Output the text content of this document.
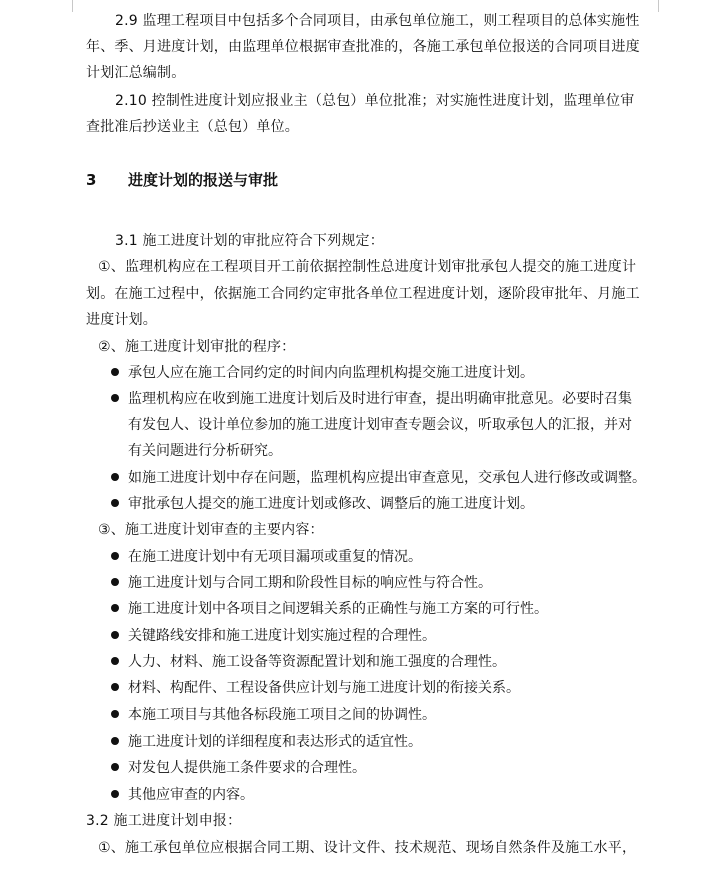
2.9 监理工程项目中包括多个合同项目，由承包单位施工，则工程项目的总体实施性
年、季、月进度计划，由监理单位根据审查批准的，各施工承包单位报送的合同项目进度
计划汇总编制。
2.10 控制性进度计划应报业主（总包）单位批准；对实施性进度计划，监理单位审
查批准后抄送业主（总包）单位。
3 进度计划的报送与审批
3.1 施工进度计划的审批应符合下列规定：
①、监理机构应在工程项目开工前依据控制性总进度计划审批承包人提交的施工进度计
划。在施工过程中，依据施工合同约定审批各单位工程进度计划，逐阶段审批年、月施工
进度计划。
②、施工进度计划审批的程序：
承包人应在施工合同约定的时间内向监理机构提交施工进度计划。
监理机构应在收到施工进度计划后及时进行审查，提出明确审批意见。必要时召集
有发包人、设计单位参加的施工进度计划审查专题会议，听取承包人的汇报，并对
有关问题进行分析研究。
如施工进度计划中存在问题，监理机构应提出审查意见，交承包人进行修改或调整。
审批承包人提交的施工进度计划或修改、调整后的施工进度计划。
③、施工进度计划审查的主要内容：
在施工进度计划中有无项目漏项或重复的情况。
施工进度计划与合同工期和阶段性目标的响应性与符合性。
施工进度计划中各项目之间逻辑关系的正确性与施工方案的可行性。
关键路线安排和施工进度计划实施过程的合理性。
人力、材料、施工设备等资源配置计划和施工强度的合理性。
材料、构配件、工程设备供应计划与施工进度计划的衔接关系。
本施工项目与其他各标段施工项目之间的协调性。
施工进度计划的详细程度和表达形式的适宜性。
对发包人提供施工条件要求的合理性。
其他应审查的内容。
3.2 施工进度计划申报：
①、施工承包单位应根据合同工期、设计文件、技术规范、现场自然条件及施工水平，
